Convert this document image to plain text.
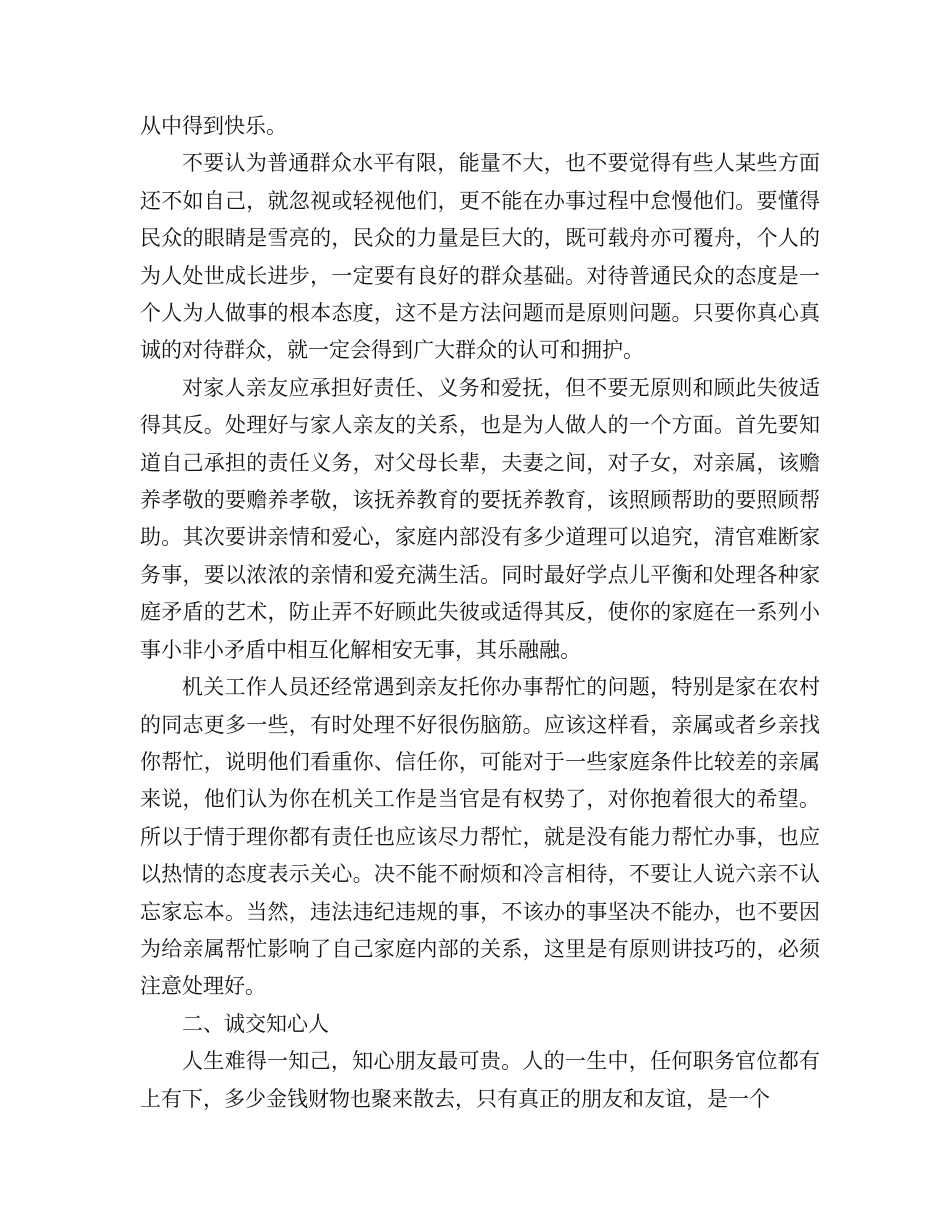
从中得到快乐。

不要认为普通群众水平有限，能量不大，也不要觉得有些人某些方面还不如自己，就忽视或轻视他们，更不能在办事过程中怠慢他们。要懂得民众的眼睛是雪亮的，民众的力量是巨大的，既可载舟亦可覆舟，个人的为人处世成长进步，一定要有良好的群众基础。对待普通民众的态度是一个人为人做事的根本态度，这不是方法问题而是原则问题。只要你真心真诚的对待群众，就一定会得到广大群众的认可和拥护。

对家人亲友应承担好责任、义务和爱抚，但不要无原则和顾此失彼适得其反。处理好与家人亲友的关系，也是为人做人的一个方面。首先要知道自己承担的责任义务，对父母长辈，夫妻之间，对子女，对亲属，该赡养孝敬的要赡养孝敬，该抚养教育的要抚养教育，该照顾帮助的要照顾帮助。其次要讲亲情和爱心，家庭内部没有多少道理可以追究，清官难断家务事，要以浓浓的亲情和爱充满生活。同时最好学点儿平衡和处理各种家庭矛盾的艺术，防止弄不好顾此失彼或适得其反，使你的家庭在一系列小事小非小矛盾中相互化解相安无事，其乐融融。

机关工作人员还经常遇到亲友托你办事帮忙的问题，特别是家在农村的同志更多一些，有时处理不好很伤脑筋。应该这样看，亲属或者乡亲找你帮忙，说明他们看重你、信任你，可能对于一些家庭条件比较差的亲属来说，他们认为你在机关工作是当官是有权势了，对你抱着很大的希望。所以于情于理你都有责任也应该尽力帮忙，就是没有能力帮忙办事，也应以热情的态度表示关心。决不能不耐烦和冷言相待，不要让人说六亲不认忘家忘本。当然，违法违纪违规的事，不该办的事坚决不能办，也不要因为给亲属帮忙影响了自己家庭内部的关系，这里是有原则讲技巧的，必须注意处理好。

二、诚交知心人

人生难得一知己，知心朋友最可贵。人的一生中，任何职务官位都有上有下，多少金钱财物也聚来散去，只有真正的朋友和友谊，是一个
